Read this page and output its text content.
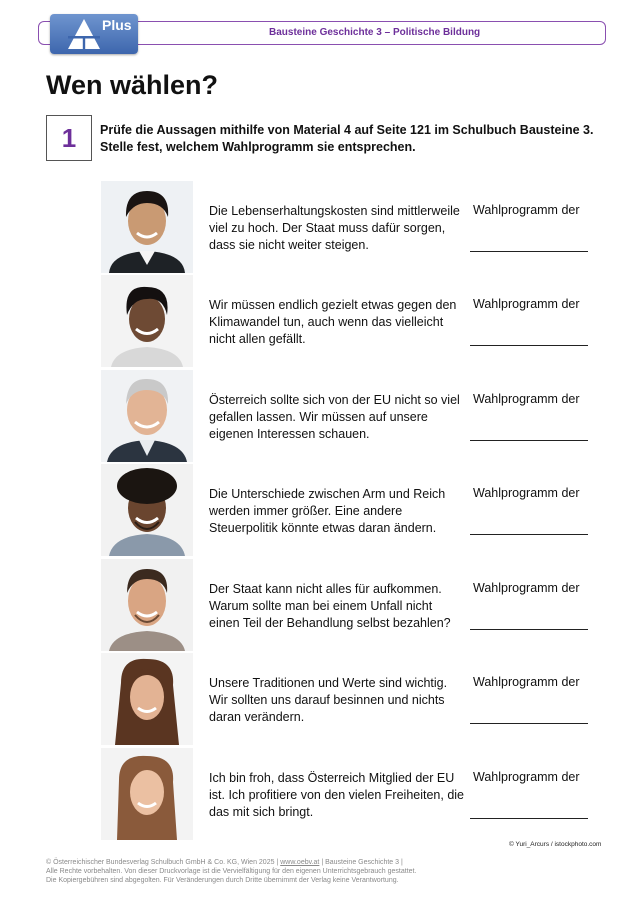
Bausteine Geschichte 3 – Politische Bildung
Plus
Wen wählen?
1 Prüfe die Aussagen mithilfe von Material 4 auf Seite 121 im Schulbuch Bausteine 3. Stelle fest, welchem Wahlprogramm sie entsprechen.
Die Lebenserhaltungskosten sind mittlerweile viel zu hoch. Der Staat muss dafür sorgen, dass sie nicht weiter steigen.
Wahlprogramm der
Wir müssen endlich gezielt etwas gegen den Klimawandel tun, auch wenn das vielleicht nicht allen gefällt.
Wahlprogramm der
Österreich sollte sich von der EU nicht so viel gefallen lassen. Wir müssen auf unsere eigenen Interessen schauen.
Wahlprogramm der
Die Unterschiede zwischen Arm und Reich werden immer größer. Eine andere Steuerpolitik könnte etwas daran ändern.
Wahlprogramm der
Der Staat kann nicht alles für aufkommen. Warum sollte man bei einem Unfall nicht einen Teil der Behandlung selbst bezahlen?
Wahlprogramm der
Unsere Traditionen und Werte sind wichtig. Wir sollten uns darauf besinnen und nichts daran verändern.
Wahlprogramm der
Ich bin froh, dass Österreich Mitglied der EU ist. Ich profitiere von den vielen Freiheiten, die das mit sich bringt.
Wahlprogramm der
© Yuri_Arcurs / istockphoto.com
© Österreichischer Bundesverlag Schulbuch GmbH & Co. KG, Wien 2025 | www.oebv.at | Bausteine Geschichte 3 |
Alle Rechte vorbehalten. Von dieser Druckvorlage ist die Vervielfältigung für den eigenen Unterrichtsgebrauch gestattet.
Die Kopiergebühren sind abgegolten. Für Veränderungen durch Dritte übernimmt der Verlag keine Verantwortung.
